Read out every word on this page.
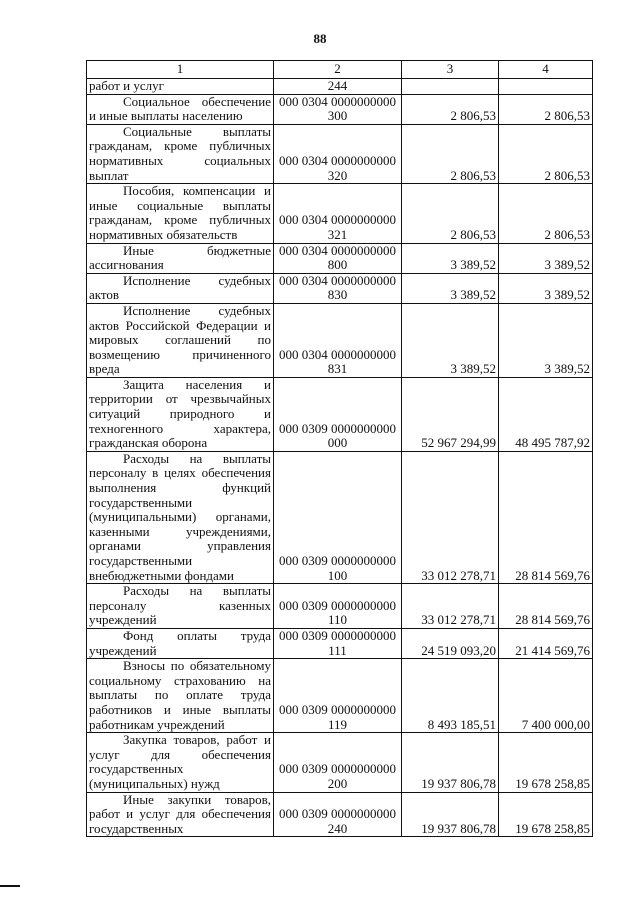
88
1	2	3	4
работ и услуг	244		

Социальное обеспечение и иные выплаты населению	000 0304 0000000000 300	2 806,53	2 806,53

Социальные выплаты гражданам, кроме публичных нормативных социальных выплат	000 0304 0000000000 320	2 806,53	2 806,53

Пособия, компенсации и иные социальные выплаты гражданам, кроме публичных нормативных обязательств	000 0304 0000000000 321	2 806,53	2 806,53

Иные бюджетные ассигнования	000 0304 0000000000 800	3 389,52	3 389,52

Исполнение судебных актов	000 0304 0000000000 830	3 389,52	3 389,52

Исполнение судебных актов Российской Федерации и мировых соглашений по возмещению причиненного вреда	000 0304 0000000000 831	3 389,52	3 389,52

Защита населения и территории от чрезвычайных ситуаций природного и техногенного характера, гражданская оборона	000 0309 0000000000 000	52 967 294,99	48 495 787,92

Расходы на выплаты персоналу в целях обеспечения выполнения функций государственными (муниципальными) органами, казенными учреждениями, органами управления государственными внебюджетными фондами	000 0309 0000000000 100	33 012 278,71	28 814 569,76

Расходы на выплаты персоналу казенных учреждений	000 0309 0000000000 110	33 012 278,71	28 814 569,76

Фонд оплаты труда учреждений	000 0309 0000000000 111	24 519 093,20	21 414 569,76

Взносы по обязательному социальному страхованию на выплаты по оплате труда работников и иные выплаты работникам учреждений	000 0309 0000000000 119	8 493 185,51	7 400 000,00

Закупка товаров, работ и услуг для обеспечения государственных (муниципальных) нужд	000 0309 0000000000 200	19 937 806,78	19 678 258,85

Иные закупки товаров, работ и услуг для обеспечения государственных	000 0309 0000000000 240	19 937 806,78	19 678 258,85
